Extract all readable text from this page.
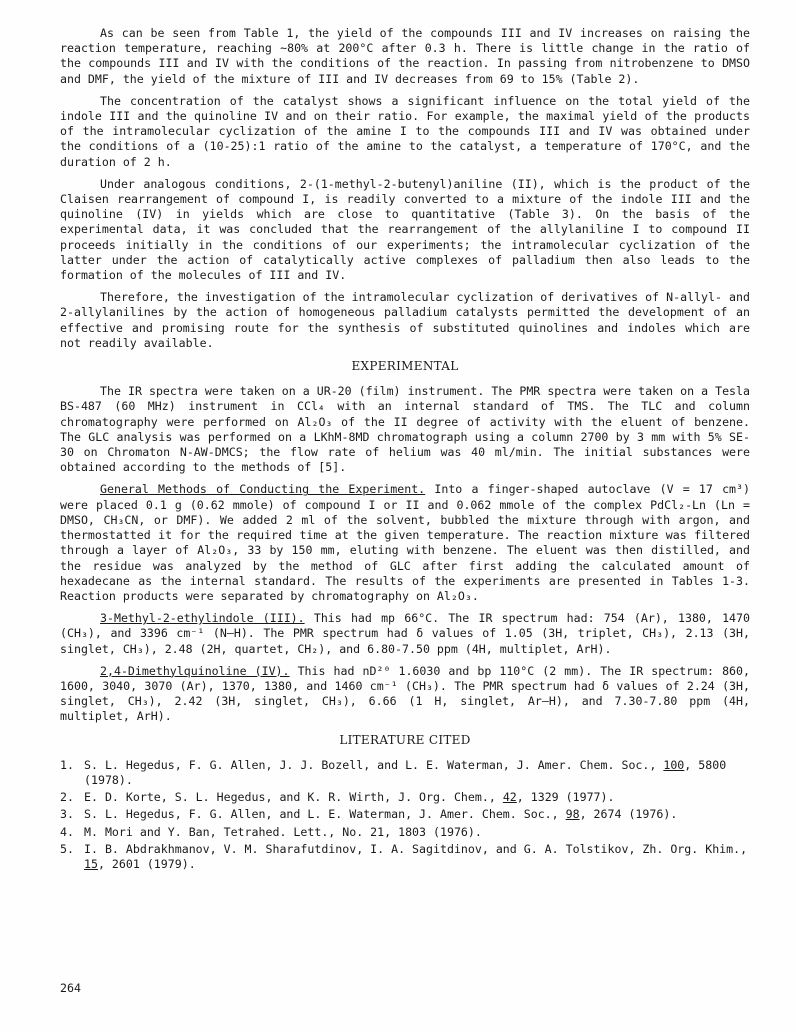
As can be seen from Table 1, the yield of the compounds III and IV increases on raising the reaction temperature, reaching ~80% at 200°C after 0.3 h. There is little change in the ratio of the compounds III and IV with the conditions of the reaction. In passing from nitrobenzene to DMSO and DMF, the yield of the mixture of III and IV decreases from 69 to 15% (Table 2).

The concentration of the catalyst shows a significant influence on the total yield of the indole III and the quinoline IV and on their ratio. For example, the maximal yield of the products of the intramolecular cyclization of the amine I to the compounds III and IV was obtained under the conditions of a (10-25):1 ratio of the amine to the catalyst, a temperature of 170°C, and the duration of 2 h.

Under analogous conditions, 2-(1-methyl-2-butenyl)aniline (II), which is the product of the Claisen rearrangement of compound I, is readily converted to a mixture of the indole III and the quinoline (IV) in yields which are close to quantitative (Table 3). On the basis of the experimental data, it was concluded that the rearrangement of the allylaniline I to compound II proceeds initially in the conditions of our experiments; the intramolecular cyclization of the latter under the action of catalytically active complexes of palladium then also leads to the formation of the molecules of III and IV.

Therefore, the investigation of the intramolecular cyclization of derivatives of N-allyl- and 2-allylanilines by the action of homogeneous palladium catalysts permitted the development of an effective and promising route for the synthesis of substituted quinolines and indoles which are not readily available.

EXPERIMENTAL

The IR spectra were taken on a UR-20 (film) instrument. The PMR spectra were taken on a Tesla BS-487 (60 MHz) instrument in CCl₄ with an internal standard of TMS. The TLC and column chromatography were performed on Al₂O₃ of the II degree of activity with the eluent of benzene. The GLC analysis was performed on a LKhM-8MD chromatograph using a column 2700 by 3 mm with 5% SE-30 on Chromaton N-AW-DMCS; the flow rate of helium was 40 ml/min. The initial substances were obtained according to the methods of [5].

General Methods of Conducting the Experiment. Into a finger-shaped autoclave (V = 17 cm³) were placed 0.1 g (0.62 mmole) of compound I or II and 0.062 mmole of the complex PdCl₂-Ln (Ln = DMSO, CH₃CN, or DMF). We added 2 ml of the solvent, bubbled the mixture through with argon, and thermostatted it for the required time at the given temperature. The reaction mixture was filtered through a layer of Al₂O₃, 33 by 150 mm, eluting with benzene. The eluent was then distilled, and the residue was analyzed by the method of GLC after first adding the calculated amount of hexadecane as the internal standard. The results of the experiments are presented in Tables 1-3. Reaction products were separated by chromatography on Al₂O₃.

3-Methyl-2-ethylindole (III). This had mp 66°C. The IR spectrum had: 754 (Ar), 1380, 1470 (CH₃), and 3396 cm⁻¹ (N—H). The PMR spectrum had δ values of 1.05 (3H, triplet, CH₃), 2.13 (3H, singlet, CH₃), 2.48 (2H, quartet, CH₂), and 6.80-7.50 ppm (4H, multiplet, ArH).

2,4-Dimethylquinoline (IV). This had nD²⁰ 1.6030 and bp 110°C (2 mm). The IR spectrum: 860, 1600, 3040, 3070 (Ar), 1370, 1380, and 1460 cm⁻¹ (CH₃). The PMR spectrum had δ values of 2.24 (3H, singlet, CH₃), 2.42 (3H, singlet, CH₃), 6.66 (1 H, singlet, Ar—H), and 7.30-7.80 ppm (4H, multiplet, ArH).

LITERATURE CITED
1. S. L. Hegedus, F. G. Allen, J. J. Bozell, and L. E. Waterman, J. Amer. Chem. Soc., 100, 5800 (1978).
2. E. D. Korte, S. L. Hegedus, and K. R. Wirth, J. Org. Chem., 42, 1329 (1977).
3. S. L. Hegedus, F. G. Allen, and L. E. Waterman, J. Amer. Chem. Soc., 98, 2674 (1976).
4. M. Mori and Y. Ban, Tetrahed. Lett., No. 21, 1803 (1976).
5. I. B. Abdrakhmanov, V. M. Sharafutdinov, I. A. Sagitdinov, and G. A. Tolstikov, Zh. Org. Khim., 15, 2601 (1979).
264
